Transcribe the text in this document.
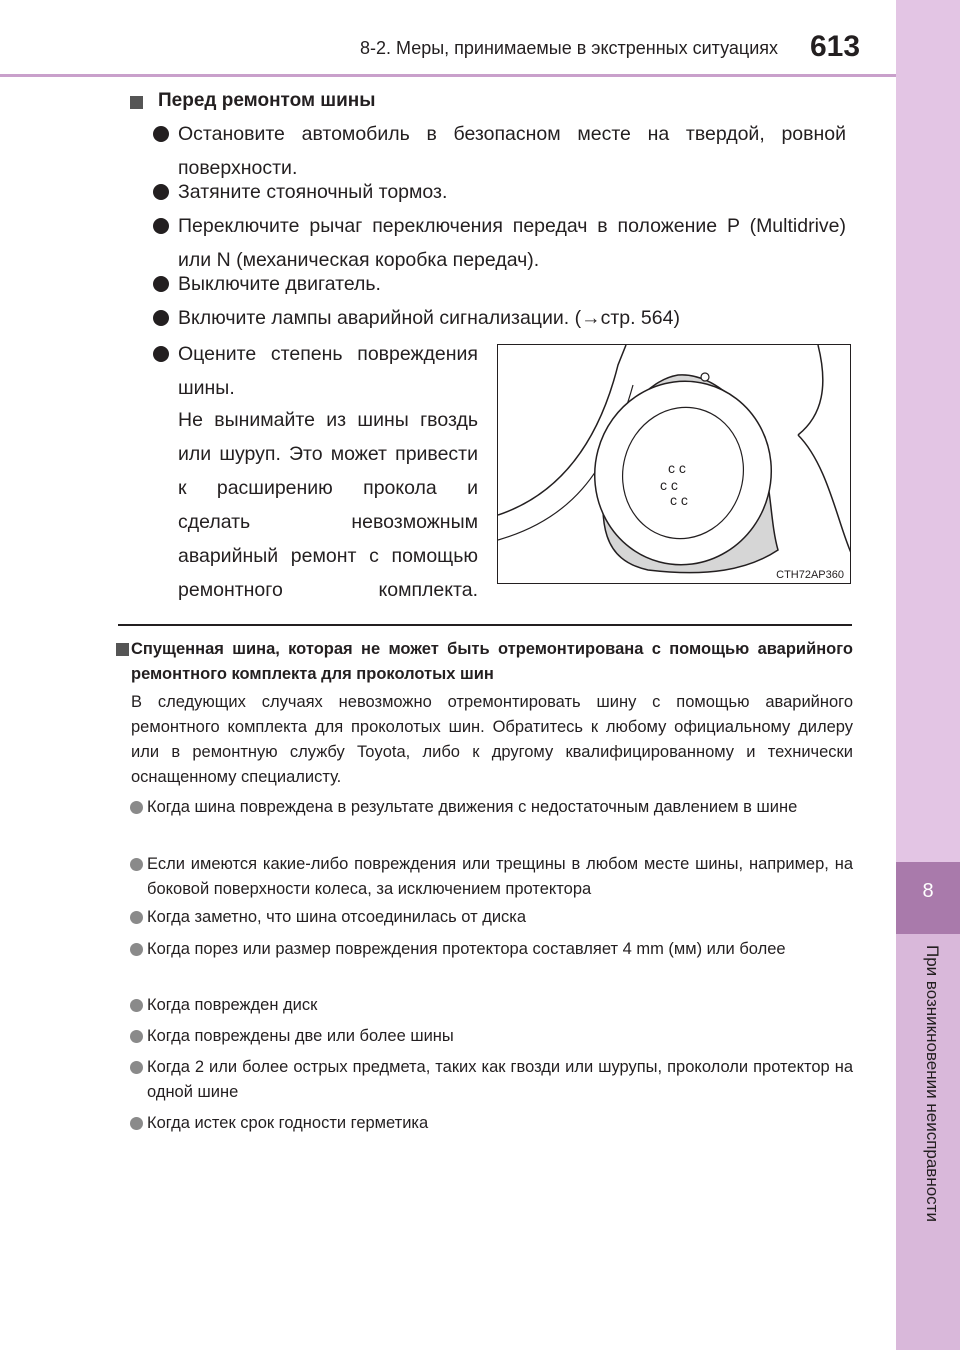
8
При возникновении неисправности
8-2. Меры, принимаемые в экстренных ситуациях 613
Перед ремонтом шины
Остановите автомобиль в безопасном месте на твердой, ровной поверхности.
Затяните стояночный тормоз.
Переключите рычаг переключения передач в положение P (Multidrive) или N (механическая коробка передач).
Выключите двигатель.
Включите лампы аварийной сигнализации. (→стр. 564)
Оцените степень повреждения шины.
Не вынимайте из шины гвоздь или шуруп. Это может привести к расширению прокола и сделать невозможным аварийный ремонт с помощью ремонтного комплекта.
c c
c c
c c
CTH72AP360
Спущенная шина, которая не может быть отремонтирована с помощью аварийного ремонтного комплекта для проколотых шин
В следующих случаях невозможно отремонтировать шину с помощью аварийного ремонтного комплекта для проколотых шин. Обратитесь к любому официальному дилеру или в ремонтную службу Toyota, либо к другому квалифицированному и технически оснащенному специалисту.
Когда шина повреждена в результате движения с недостаточным давлением в шине
Если имеются какие-либо повреждения или трещины в любом месте шины, например, на боковой поверхности колеса, за исключением протектора
Когда заметно, что шина отсоединилась от диска
Когда порез или размер повреждения протектора составляет 4 mm (мм) или более
Когда поврежден диск
Когда повреждены две или более шины
Когда 2 или более острых предмета, таких как гвозди или шурупы, прокололи протектор на одной шине
Когда истек срок годности герметика
